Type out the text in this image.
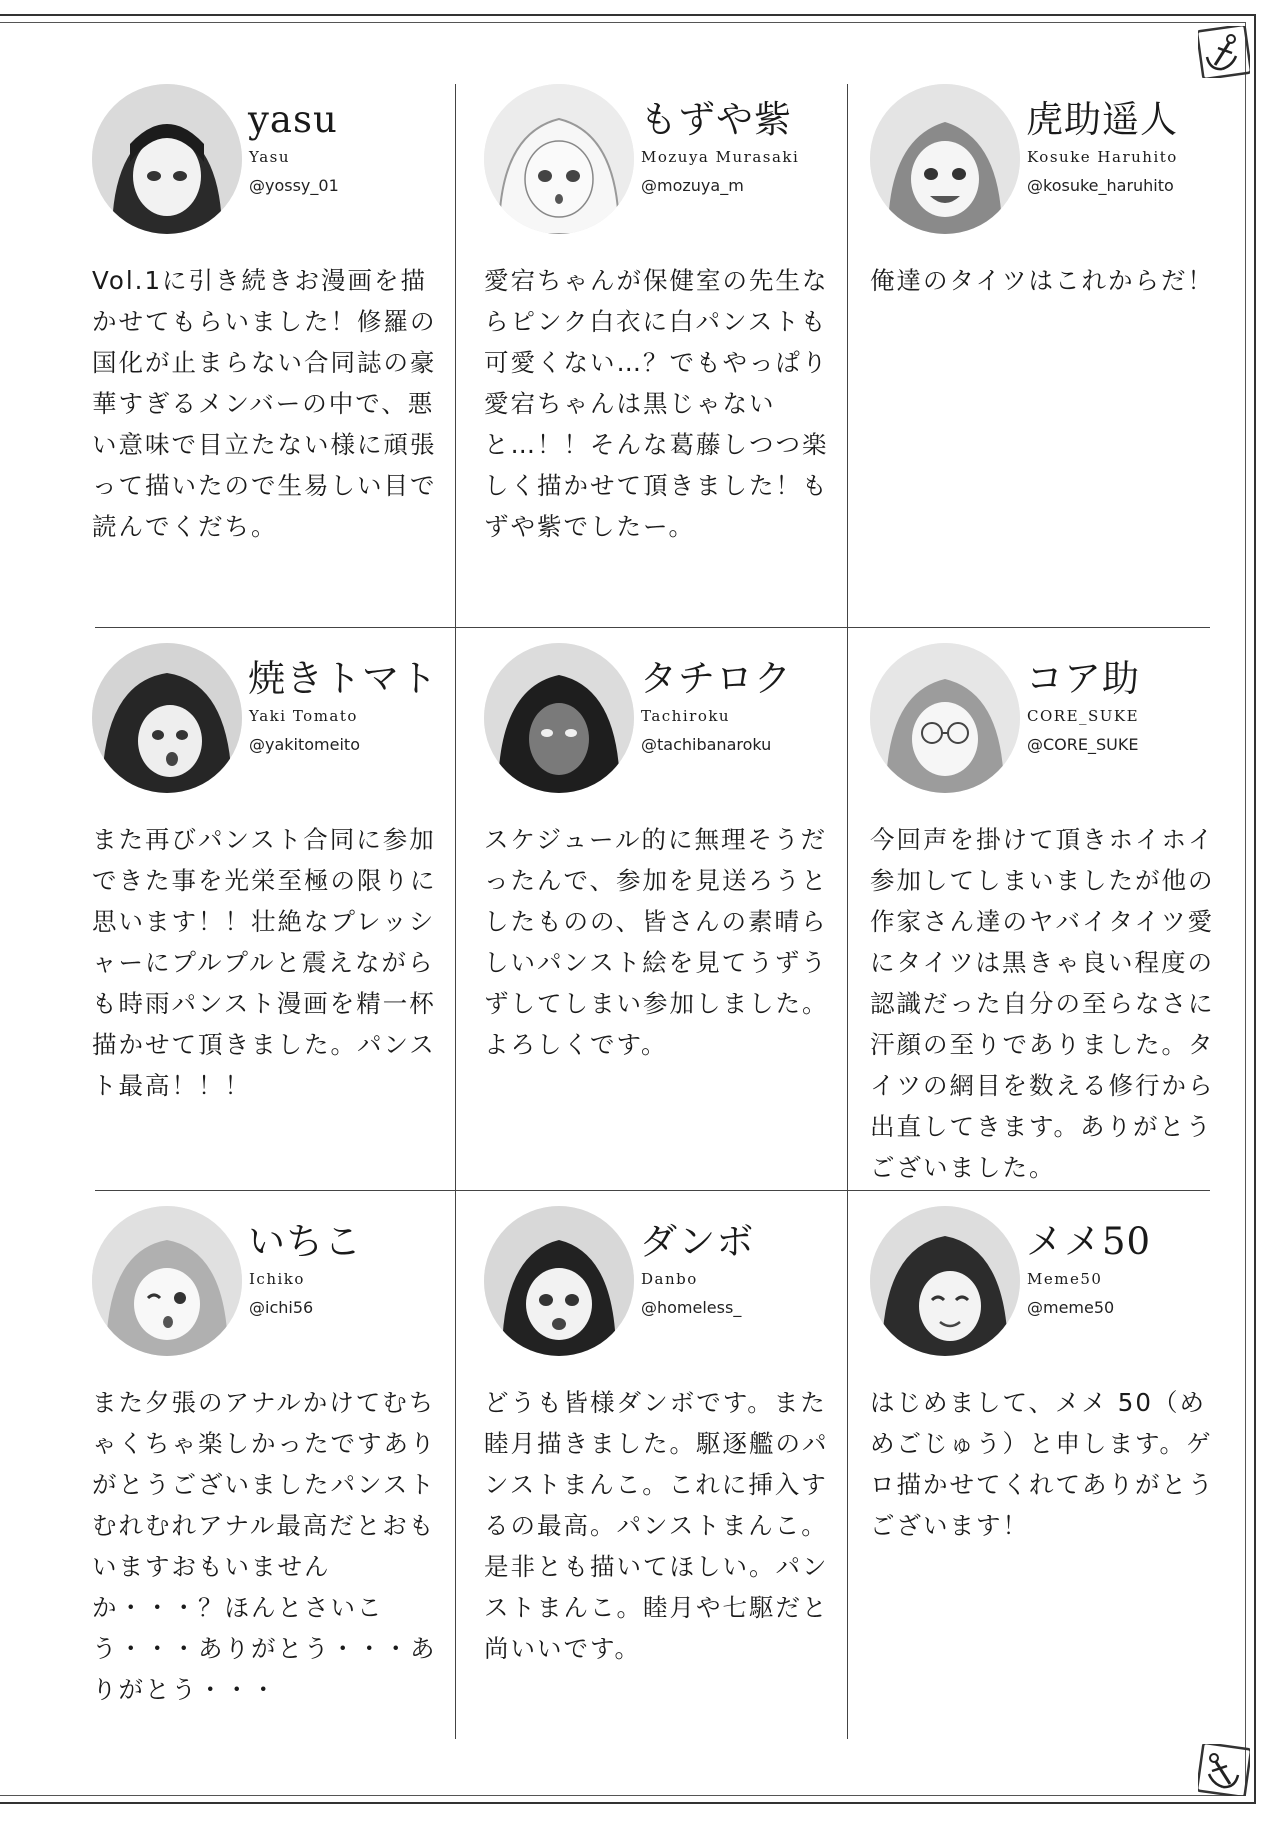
yasu
Yasu
@yossy_01

Vol.1に引き続きお漫画を描かせてもらいました！修羅の国化が止まらない合同誌の豪華すぎるメンバーの中で、悪い意味で目立たない様に頑張って描いたので生易しい目で読んでくだち。

もずや紫
Mozuya Murasaki
@mozuya_m

愛宕ちゃんが保健室の先生ならピンク白衣に白パンストも可愛くない…？でもやっぱり愛宕ちゃんは黒じゃないと…！！そんな葛藤しつつ楽しく描かせて頂きました！もずや紫でしたー。

虎助遥人
Kosuke Haruhito
@kosuke_haruhito

俺達のタイツはこれからだ！

焼きトマト
Yaki Tomato
@yakitomeito

また再びパンスト合同に参加できた事を光栄至極の限りに思います！！壮絶なプレッシャーにプルプルと震えながらも時雨パンスト漫画を精一杯描かせて頂きました。パンスト最高！！！

タチロク
Tachiroku
@tachibanaroku

スケジュール的に無理そうだったんで、参加を見送ろうとしたものの、皆さんの素晴らしいパンスト絵を見てうずうずしてしまい参加しました。よろしくです。

コア助
CORE_SUKE
@CORE_SUKE

今回声を掛けて頂きホイホイ参加してしまいましたが他の作家さん達のヤバイタイツ愛にタイツは黒きゃ良い程度の認識だった自分の至らなさに汗顔の至りでありました。タイツの網目を数える修行から出直してきます。ありがとうございました。

いちこ
Ichiko
@ichi56

また夕張のアナルかけてむちゃくちゃ楽しかったですありがとうございましたパンストむれむれアナル最高だとおもいますおもいませんか・・・？ほんとさいこう・・・ありがとう・・・ありがとう・・・

ダンボ
Danbo
@homeless_

どうも皆様ダンボです。また睦月描きました。駆逐艦のパンストまんこ。これに挿入するの最高。パンストまんこ。是非とも描いてほしい。パンストまんこ。睦月や七駆だと尚いいです。

メメ50
Meme50
@meme50

はじめまして、メメ 50（めめごじゅう）と申します。ゲロ描かせてくれてありがとうございます！
